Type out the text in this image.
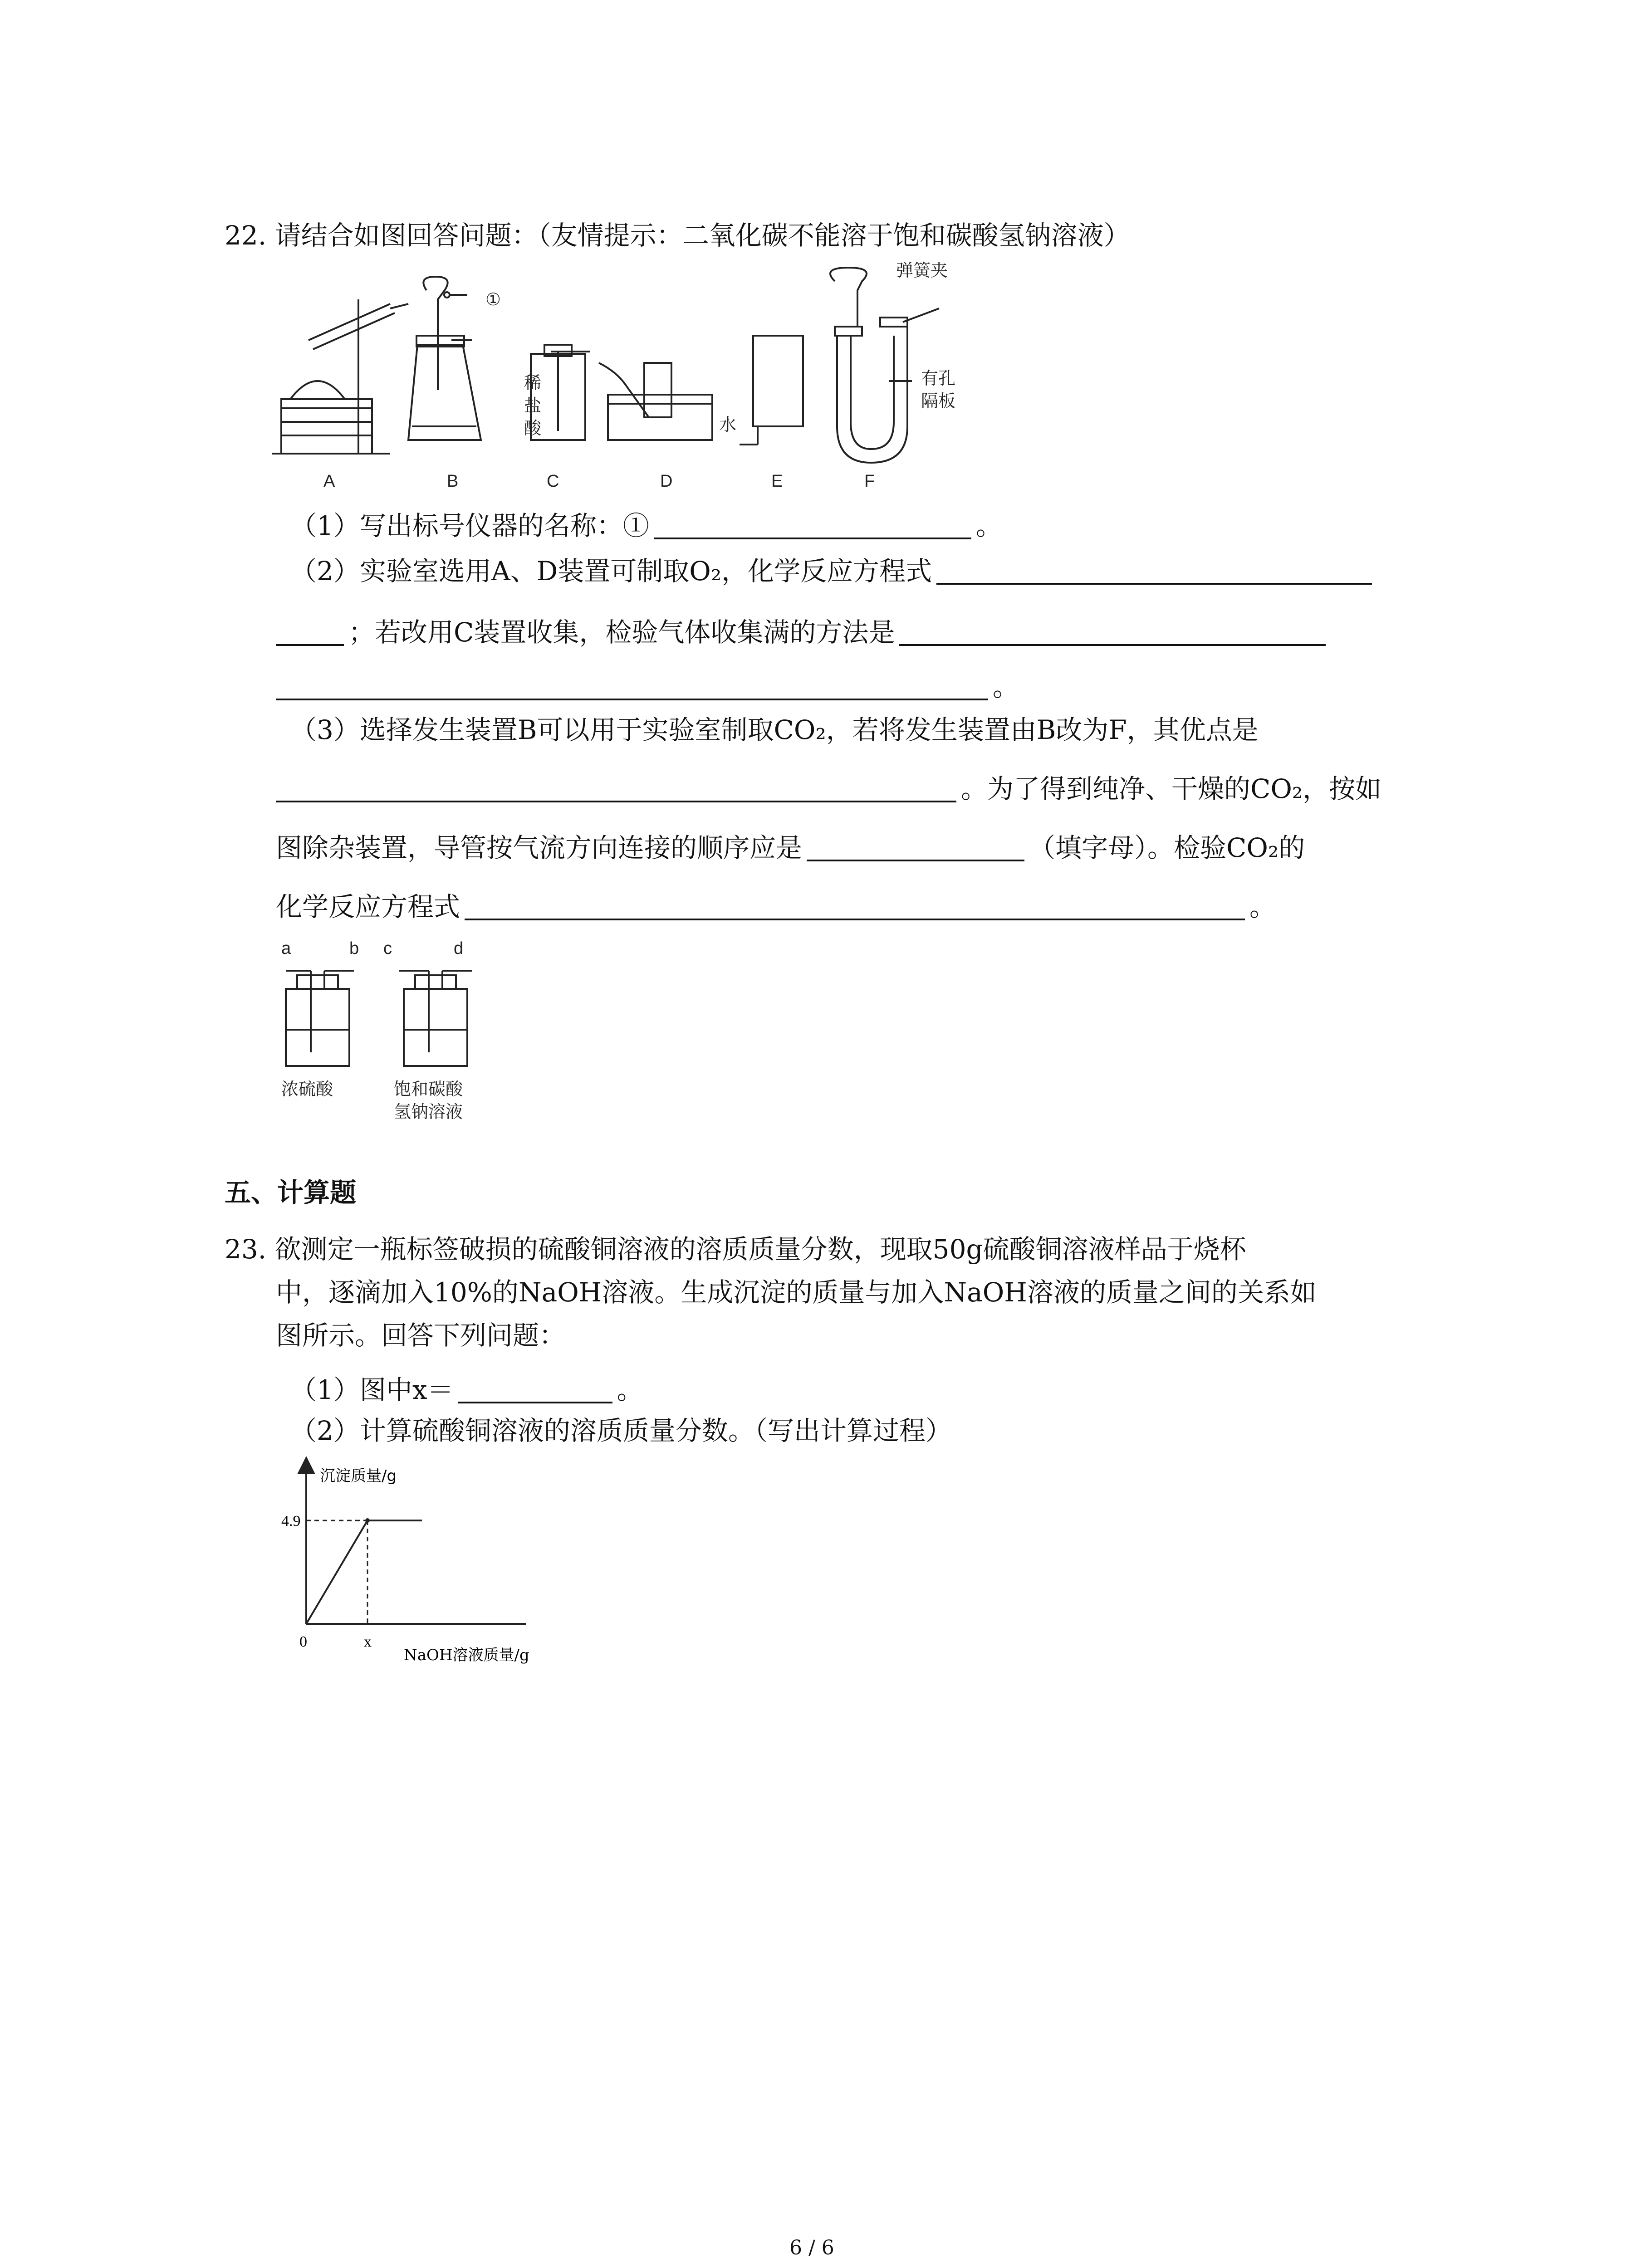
22. 请结合如图回答问题：（友情提示：二氧化碳不能溶于饱和碳酸氢钠溶液）
①
稀盐酸	水
弹簧夹
有孔隔板
A	B	C	D	E	F
（1）写出标号仪器的名称：①	。
（2）实验室选用A、D装置可制取O₂，化学反应方程式
；若改用C装置收集，检验气体收集满的方法是
。
（3）选择发生装置B可以用于实验室制取CO₂，若将发生装置由B改为F，其优点是
。为了得到纯净、干燥的CO₂，按如
图除杂装置，导管按气流方向连接的顺序应是	（填字母）。检验CO₂的
化学反应方程式	。
a	b c	d
浓硫酸	饱和碳酸
氢钠溶液
五、计算题
23. 欲测定一瓶标签破损的硫酸铜溶液的溶质质量分数，现取50g硫酸铜溶液样品于烧杯
中，逐滴加入10%的NaOH溶液。生成沉淀的质量与加入NaOH溶液的质量之间的关系如
图所示。回答下列问题：
（1）图中x＝	。
（2）计算硫酸铜溶液的溶质质量分数。（写出计算过程）
沉淀质量/g
4.9
0	x
NaOH溶液质量/g
6 / 6
